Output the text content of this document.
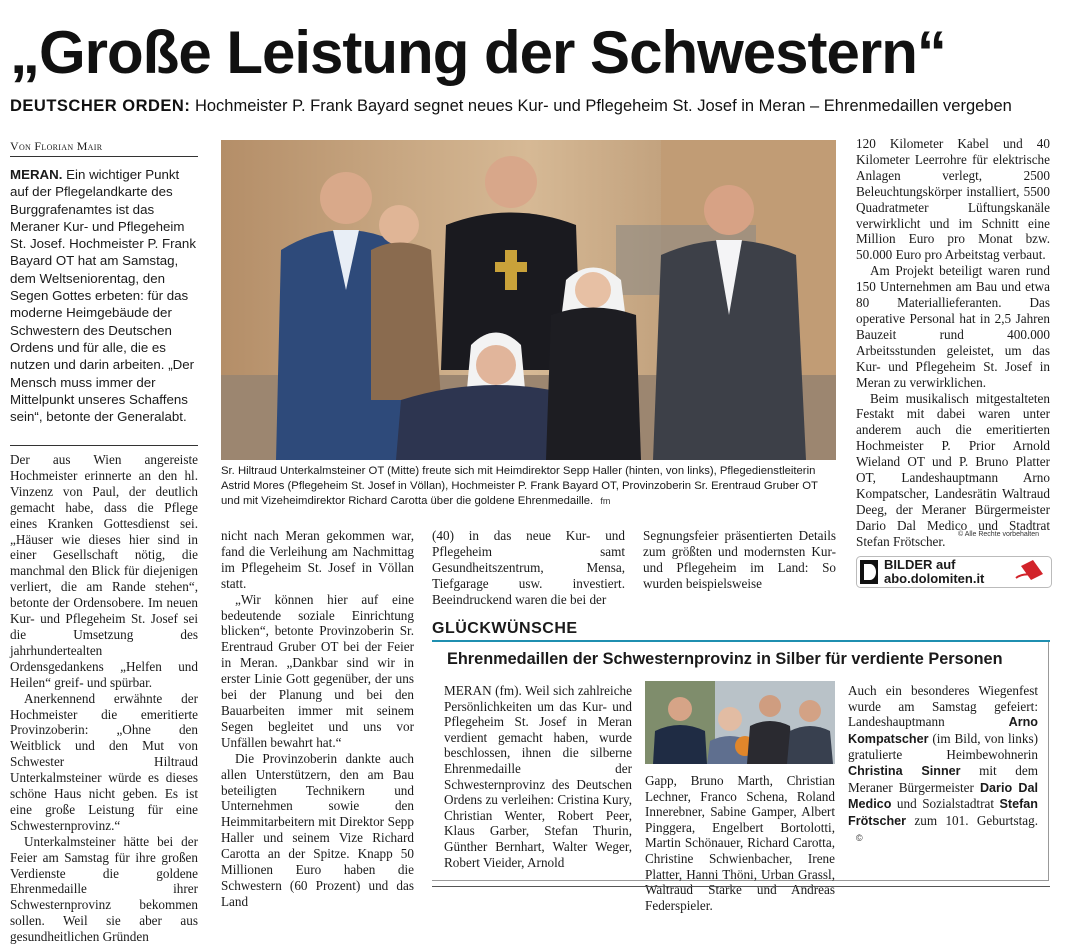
„Große Leistung der Schwestern“
DEUTSCHER ORDEN: Hochmeister P. Frank Bayard segnet neues Kur- und Pflegeheim St. Josef in Meran – Ehrenmedaillen vergeben
Von Florian Mair
MERAN. Ein wichtiger Punkt auf der Pflegelandkarte des Burggrafenamtes ist das Meraner Kur- und Pflegeheim St. Josef. Hochmeister P. Frank Bayard OT hat am Samstag, dem Weltseniorentag, den Segen Gottes erbeten: für das moderne Heimgebäude der Schwestern des Deutschen Ordens und für alle, die es nutzen und darin arbeiten. „Der Mensch muss immer der Mittelpunkt unseres Schaffens sein“, betonte der Generalabt.

Der aus Wien angereiste Hochmeister erinnerte an den hl. Vinzenz von Paul, der deutlich gemacht habe, dass die Pflege eines Kranken Gottesdienst sei. „Häuser wie dieses hier sind in einer Gesellschaft nötig, die manchmal den Blick für diejenigen verliert, die am Rande stehen“, betonte der Ordensobere. Im neuen Kur- und Pflegeheim St. Josef sei die Umsetzung des jahrhundertealten Ordensgedankens „Helfen und Heilen“ greif- und spürbar.

Anerkennend erwähnte der Hochmeister die emeritierte Provinzoberin: „Ohne den Weitblick und den Mut von Schwester Hiltraud Unterkalmsteiner würde es dieses schöne Haus nicht geben. Es ist eine große Leistung für eine Schwesternprovinz.“

Unterkalmsteiner hätte bei der Feier am Samstag für ihre großen Verdienste die goldene Ehrenmedaille ihrer Schwesternprovinz bekommen sollen. Weil sie aber aus gesundheitlichen Gründen

Sr. Hiltraud Unterkalmsteiner OT (Mitte) freute sich mit Heimdirektor Sepp Haller (hinten, von links), Pflegedienstleiterin Astrid Mores (Pflegeheim St. Josef in Völlan), Hochmeister P. Frank Bayard OT, Provinzoberin Sr. Erentraud Gruber OT und mit Vizeheimdirektor Richard Carotta über die goldene Ehrenmedaille. fm

nicht nach Meran gekommen war, fand die Verleihung am Nachmittag im Pflegeheim St. Josef in Völlan statt.

„Wir können hier auf eine bedeutende soziale Einrichtung blicken“, betonte Provinzoberin Sr. Erentraud Gruber OT bei der Feier in Meran. „Dankbar sind wir in erster Linie Gott gegenüber, der uns bei der Planung und bei den Bauarbeiten immer mit seinem Segen begleitet und uns vor Unfällen bewahrt hat.“

Die Provinzoberin dankte auch allen Unterstützern, den am Bau beteiligten Technikern und Unternehmen sowie den Heimmitarbeitern mit Direktor Sepp Haller und seinem Vize Richard Carotta an der Spitze. Knapp 50 Millionen Euro haben die Schwestern (60 Prozent) und das Land

(40) in das neue Kur- und Pflegeheim samt Gesundheitszentrum, Mensa, Tiefgarage usw. investiert. Beeindruckend waren die bei der

Segnungsfeier präsentierten Details zum größten und modernsten Kur- und Pflegeheim im Land: So wurden beispielsweise

120 Kilometer Kabel und 40 Kilometer Leerrohre für elektrische Anlagen verlegt, 2500 Beleuchtungskörper installiert, 5500 Quadratmeter Lüftungskanäle verwirklicht und im Schnitt eine Million Euro pro Monat bzw. 50.000 Euro pro Arbeitstag verbaut.

Am Projekt beteiligt waren rund 150 Unternehmen am Bau und etwa 80 Materiallieferanten. Das operative Personal hat in 2,5 Jahren Bauzeit rund 400.000 Arbeitsstunden geleistet, um das Kur- und Pflegeheim St. Josef in Meran zu verwirklichen.

Beim musikalisch mitgestalteten Festakt mit dabei waren unter anderem auch die emeritierten Hochmeister P. Prior Arnold Wieland OT und P. Bruno Platter OT, Landeshauptmann Arno Kompatscher, Landesrätin Waltraud Deeg, der Meraner Bürgermeister Dario Dal Medico und Stadtrat Stefan Frötscher.	© Alle Rechte vorbehalten
BILDER auf
abo.dolomiten.it
GLÜCKWÜNSCHE
Ehrenmedaillen der Schwesternprovinz in Silber für verdiente Personen
MERAN (fm). Weil sich zahlreiche Persönlichkeiten um das Kur- und Pflegeheim St. Josef in Meran verdient gemacht haben, wurde beschlossen, ihnen die silberne Ehrenmedaille der Schwesternprovinz des Deutschen Ordens zu verleihen: Cristina Kury, Christian Wenter, Robert Peer, Klaus Garber, Stefan Thurin, Günther Bernhart, Walter Weger, Robert Vieider, Arnold
Gapp, Bruno Marth, Christian Lechner, Franco Schena, Roland Innerebner, Sabine Gamper, Albert Pinggera, Engelbert Bortolotti, Martin Schönauer, Richard Carotta, Christine Schwienbacher, Irene Platter, Hanni Thöni, Urban Grassl, Waltraud Starke und Andreas Federspieler.
Auch ein besonderes Wiegenfest wurde am Samstag gefeiert: Landeshauptmann	Arno Kompatscher (im Bild, von links) gratulierte Heimbewohnerin Christina Sinner mit dem Meraner Bürgermeister Dario Dal Medico und Sozialstadtrat Stefan Frötscher zum 101. Geburtstag. ©
